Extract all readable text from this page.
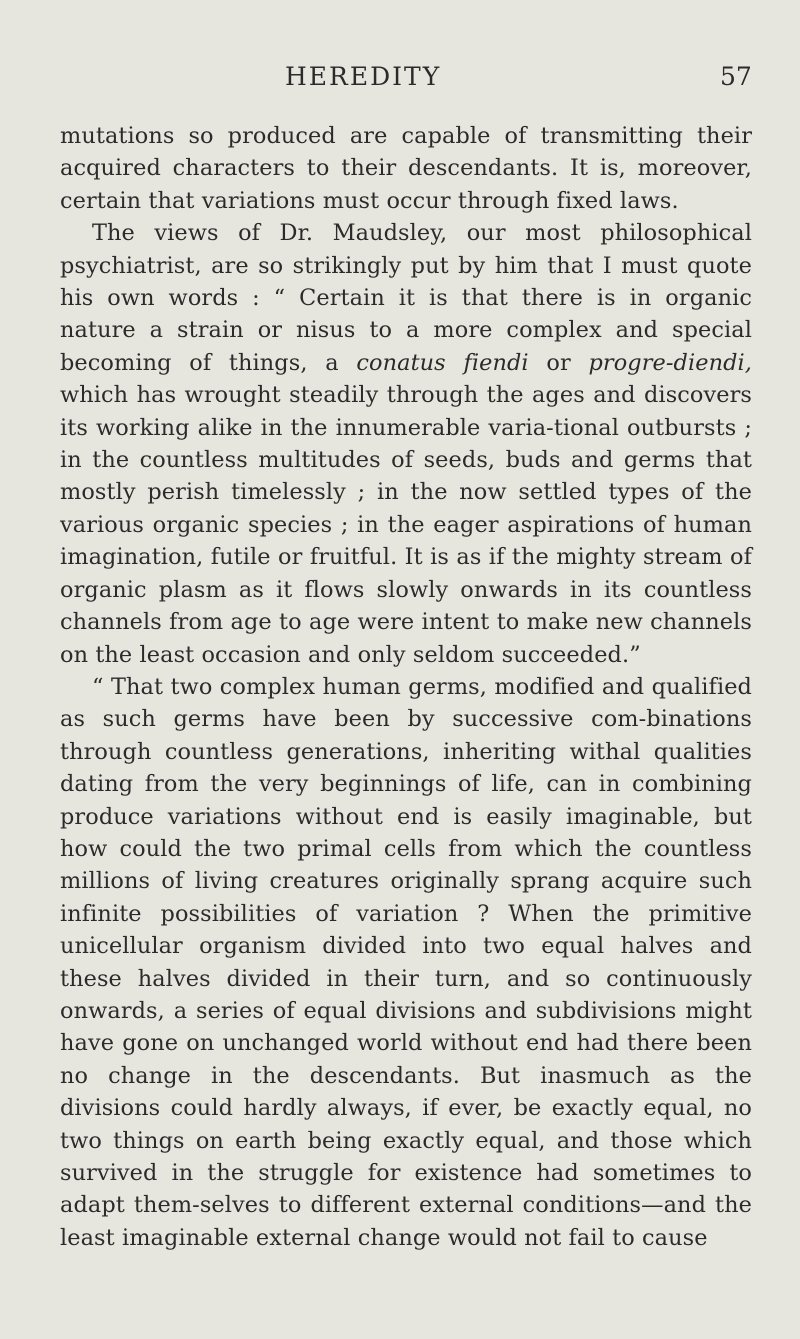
HEREDITY	57

mutations so produced are capable of transmitting their acquired characters to their descendants. It is, moreover, certain that variations must occur through fixed laws.

The views of Dr. Maudsley, our most philosophical psychiatrist, are so strikingly put by him that I must quote his own words : “ Certain it is that there is in organic nature a strain or nisus to a more complex and special becoming of things, a conatus fiendi or progre-diendi, which has wrought steadily through the ages and discovers its working alike in the innumerable varia-tional outbursts ; in the countless multitudes of seeds, buds and germs that mostly perish timelessly ; in the now settled types of the various organic species ; in the eager aspirations of human imagination, futile or fruitful. It is as if the mighty stream of organic plasm as it flows slowly onwards in its countless channels from age to age were intent to make new channels on the least occasion and only seldom succeeded.”

“ That two complex human germs, modified and qualified as such germs have been by successive com-binations through countless generations, inheriting withal qualities dating from the very beginnings of life, can in combining produce variations without end is easily imaginable, but how could the two primal cells from which the countless millions of living creatures originally sprang acquire such infinite possibilities of variation ? When the primitive unicellular organism divided into two equal halves and these halves divided in their turn, and so continuously onwards, a series of equal divisions and subdivisions might have gone on unchanged world without end had there been no change in the descendants. But inasmuch as the divisions could hardly always, if ever, be exactly equal, no two things on earth being exactly equal, and those which survived in the struggle for existence had sometimes to adapt them-selves to different external conditions—and the least imaginable external change would not fail to cause
